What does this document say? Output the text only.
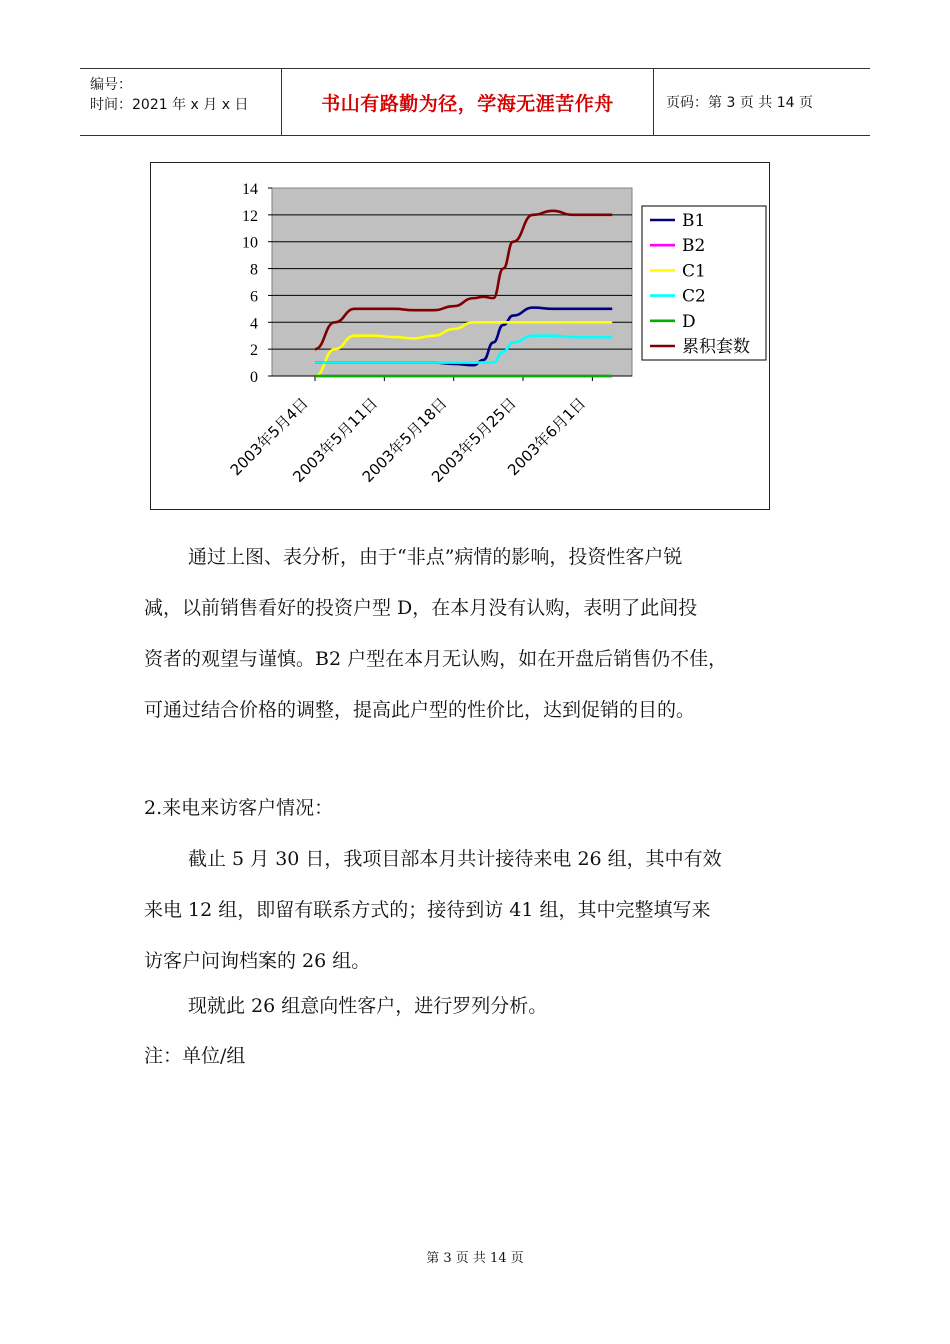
编号：
时间：2021 年 x 月 x 日	书山有路勤为径，学海无涯苦作舟	页码：第 3 页 共 14 页
0
2
4
6
8
10
12
14
2003年5月4日
2003年5月11日
2003年5月18日
2003年5月25日
2003年6月1日
B1
B2
C1
C2
D
累积套数
通过上图、表分析，由于“非点”病情的影响，投资性客户锐
减，以前销售看好的投资户型 D，在本月没有认购，表明了此间投
资者的观望与谨慎。B2 户型在本月无认购，如在开盘后销售仍不佳，
可通过结合价格的调整，提高此户型的性价比，达到促销的目的。
2.来电来访客户情况：
截止 5 月 30 日，我项目部本月共计接待来电 26 组，其中有效
来电 12 组，即留有联系方式的；接待到访 41 组，其中完整填写来
访客户问询档案的 26 组。
现就此 26 组意向性客户，进行罗列分析。
注：单位/组
第 3 页 共 14 页
